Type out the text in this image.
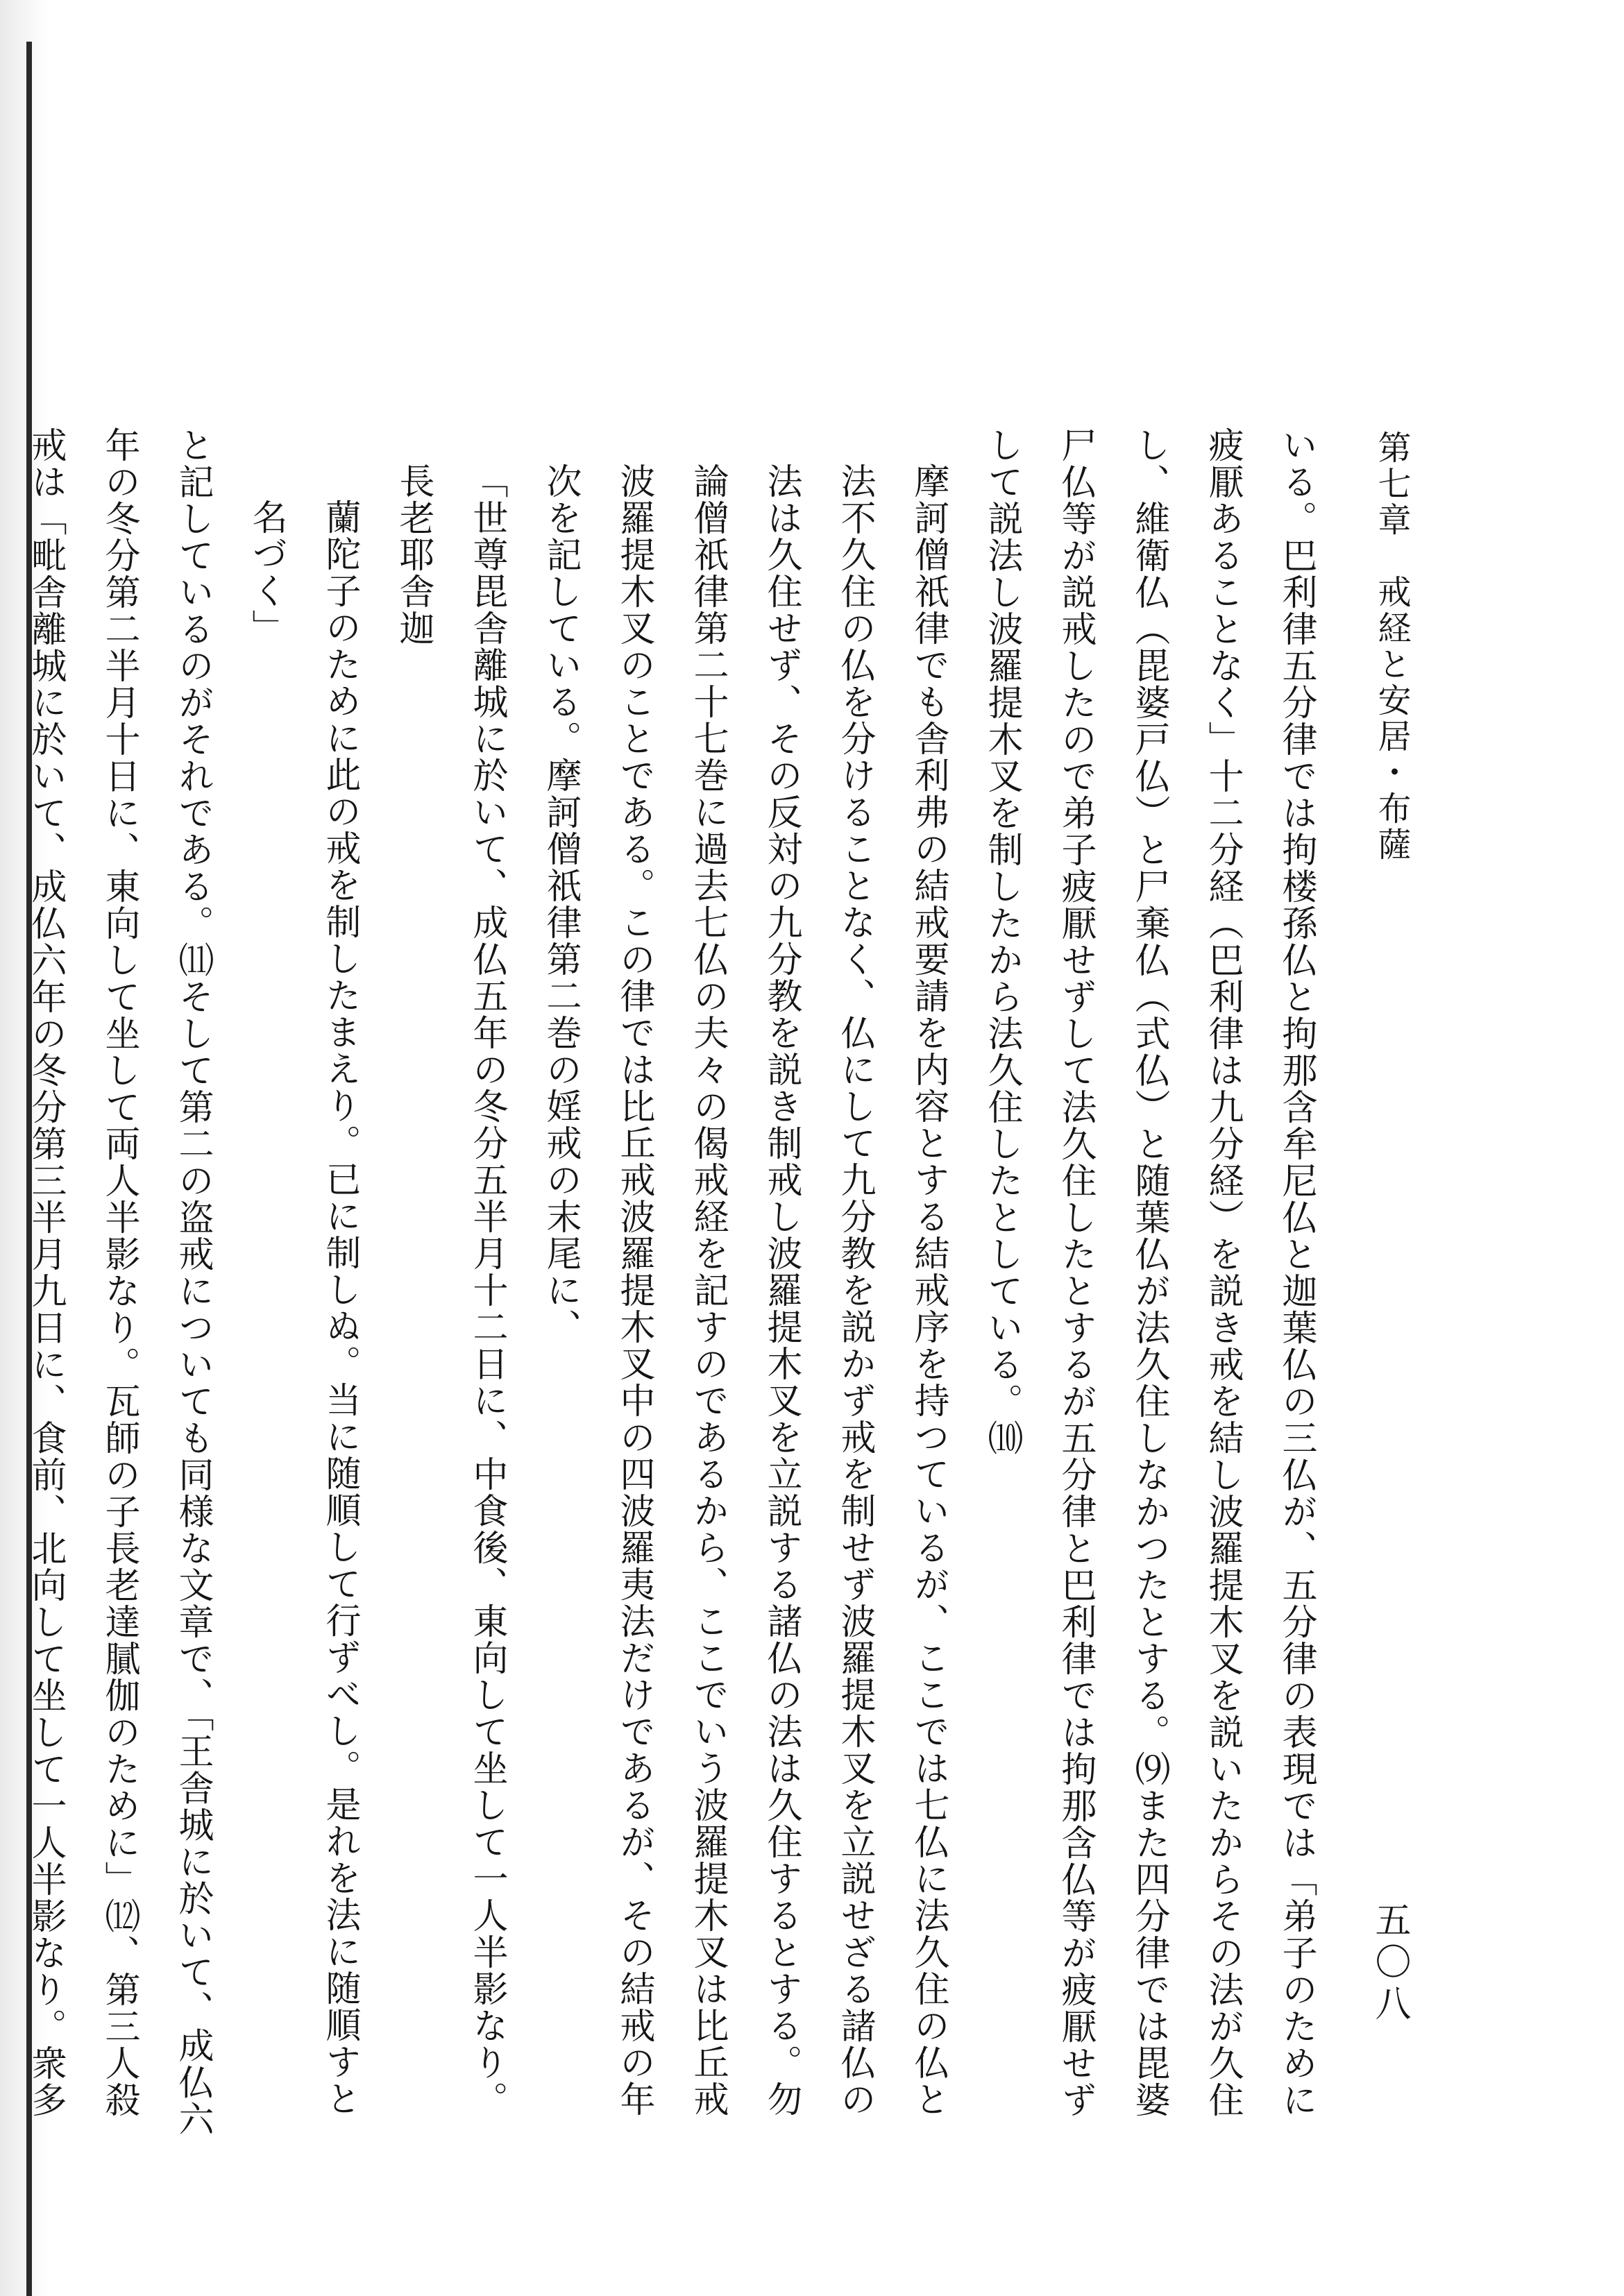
第七章　戒経と安居・布薩
五〇八

いる。巴利律五分律では拘楼孫仏と拘那含牟尼仏と迦葉仏の三仏が、五分律の表現では「弟子のために疲厭あることなく」十二分経（巴利律は九分経）を説き戒を結し波羅提木叉を説いたからその法が久住し、維衛仏（毘婆戸仏）と尸棄仏（式仏）と随葉仏が法久住しなかつたとする。⑼また四分律では毘婆尸仏等が説戒したので弟子疲厭せずして法久住したとするが五分律と巴利律では拘那含仏等が疲厭せずして説法し波羅提木叉を制したから法久住したとしている。⑽

摩訶僧祇律でも舎利弗の結戒要請を内容とする結戒序を持つているが、ここでは七仏に法久住の仏と法不久住の仏を分けることなく、仏にして九分教を説かず戒を制せず波羅提木叉を立説せざる諸仏の法は久住せず、その反対の九分教を説き制戒し波羅提木叉を立説する諸仏の法は久住するとする。勿論僧祇律第二十七巻に過去七仏の夫々の偈戒経を記すのであるから、ここでいう波羅提木叉は比丘戒波羅提木叉のことである。この律では比丘戒波羅提木叉中の四波羅夷法だけであるが、その結戒の年次を記している。摩訶僧祇律第二巻の婬戒の末尾に、

「世尊毘舎離城に於いて、成仏五年の冬分五半月十二日に、中食後、東向して坐して一人半影なり。長老耶舎迦

蘭陀子のために此の戒を制したまえり。已に制しぬ。当に随順して行ずべし。是れを法に随順すと名づく」

と記しているのがそれである。⑾そして第二の盗戒についても同様な文章で、「王舎城に於いて、成仏六年の冬分第二半月十日に、東向して坐して両人半影なり。瓦師の子長老達膩伽のために」⑿、第三人殺戒は「毗舎離城に於いて、成仏六年の冬分第三半月九日に、食前、北向して坐して一人半影なり。衆多
